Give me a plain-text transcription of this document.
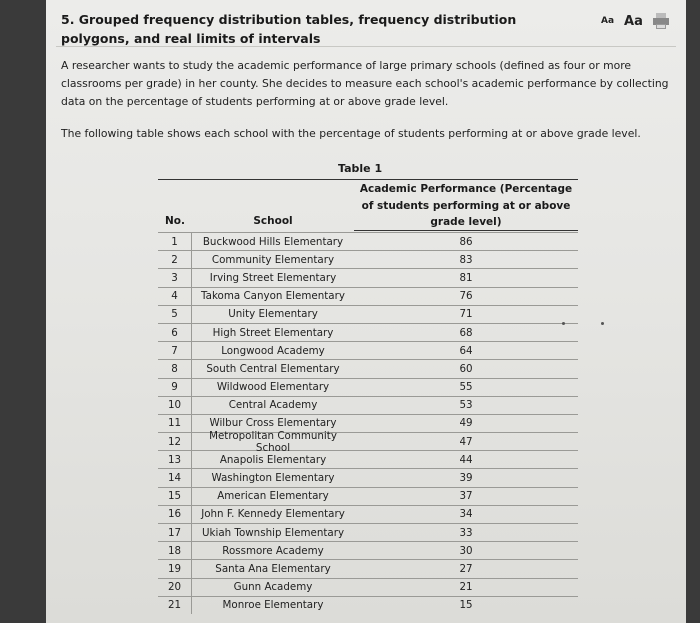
5. Grouped frequency distribution tables, frequency distribution polygons, and real limits of intervals
Aa Aa
A researcher wants to study the academic performance of large primary schools (defined as four or more classrooms per grade) in her county. She decides to measure each school's academic performance by collecting data on the percentage of students performing at or above grade level.
The following table shows each school with the percentage of students performing at or above grade level.
Table 1
Academic Performance (Percentage of students performing at or above grade level)
No.	School
1	Buckwood Hills Elementary	86
2	Community Elementary	83
3	Irving Street Elementary	81
4	Takoma Canyon Elementary	76
5	Unity Elementary	71
6	High Street Elementary	68
7	Longwood Academy	64
8	South Central Elementary	60
9	Wildwood Elementary	55
10	Central Academy	53
11	Wilbur Cross Elementary	49
12	Metropolitan Community School	47
13	Anapolis Elementary	44
14	Washington Elementary	39
15	American Elementary	37
16	John F. Kennedy Elementary	34
17	Ukiah Township Elementary	33
18	Rossmore Academy	30
19	Santa Ana Elementary	27
20	Gunn Academy	21
21	Monroe Elementary	15
